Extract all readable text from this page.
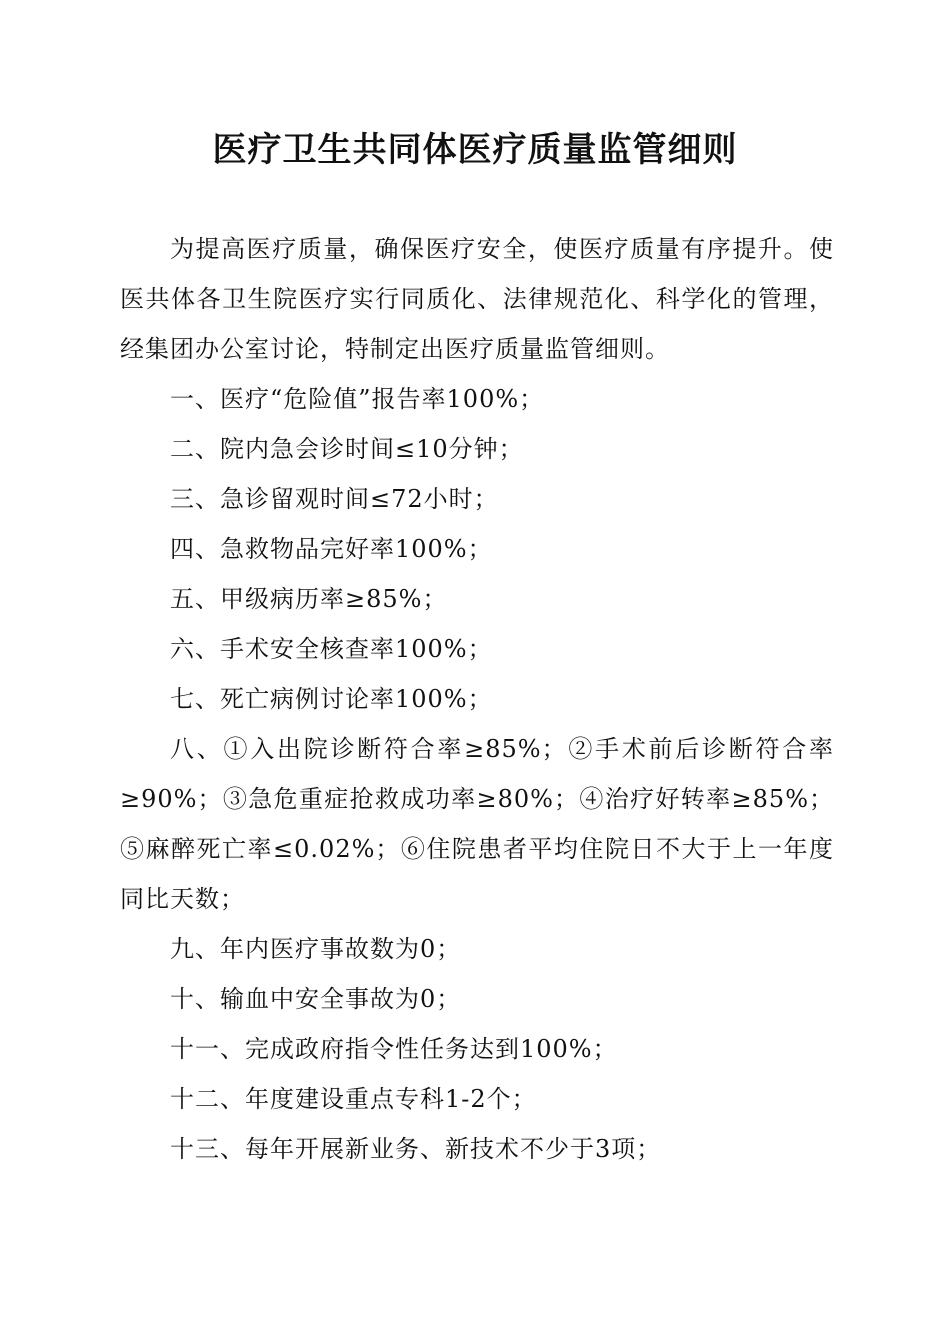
医疗卫生共同体医疗质量监管细则

为提高医疗质量，确保医疗安全，使医疗质量有序提升。使医共体各卫生院医疗实行同质化、法律规范化、科学化的管理，经集团办公室讨论，特制定出医疗质量监管细则。

一、医疗“危险值”报告率100%；

二、院内急会诊时间≤10分钟；

三、急诊留观时间≤72小时；

四、急救物品完好率100%；

五、甲级病历率≥85%；

六、手术安全核查率100%；

七、死亡病例讨论率100%；

八、①入出院诊断符合率≥85%；②手术前后诊断符合率≥90%；③急危重症抢救成功率≥80%；④治疗好转率≥85%；⑤麻醉死亡率≤0.02%；⑥住院患者平均住院日不大于上一年度同比天数；

九、年内医疗事故数为0；

十、输血中安全事故为0；

十一、完成政府指令性任务达到100%；

十二、年度建设重点专科1-2个；

十三、每年开展新业务、新技术不少于3项；
